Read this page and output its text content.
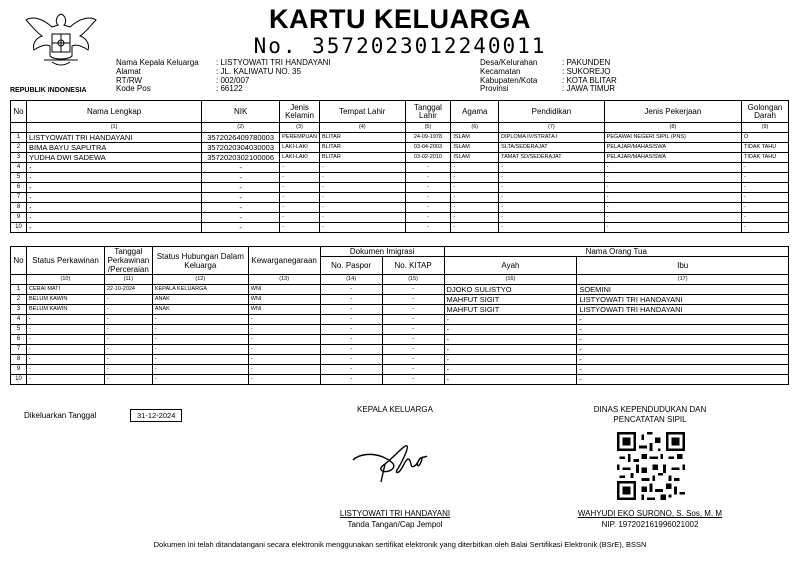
REPUBLIK INDONESIA
KARTU KELUARGA
No. 3572023012240011
Nama Kepala Keluarga : LISTYOWATI TRI HANDAYANI
Alamat	: JL. KALIWATU NO. 35
RT/RW	: 002/007
Kode Pos	: 66122
Desa/Kelurahan	: PAKUNDEN
Kecamatan	: SUKOREJO
Kabupaten/Kota	: KOTA BLITAR
Provinsi	: JAWA TIMUR
No	Nama Lengkap	NIK	Jenis Kelamin	Tempat Lahir	Tanggal Lahir	Agama	Pendidikan	Jenis Pekerjaan	Golongan Darah
	(1)	(2)	(3)	(4)	(5)	(6)	(7)	(8)	(9)
1	LISTYOWATI TRI HANDAYANI	3572026409780003	PEREMPUAN	BLITAR	24-09-1978	ISLAM	DIPLOMA IV/STRATA I	PEGAWAI NEGERI SIPIL (PNS)	O
2	BIMA BAYU SAPUTRA	3572020304030003	LAKI-LAKI	BLITAR	03-04-2003	ISLAM	SLTA/SEDERAJAT	PELAJAR/MAHASISWA	TIDAK TAHU
3	YUDHA DWI SADEWA	3572020302100006	LAKI-LAKI	BLITAR	03-02-2010	ISLAM	TAMAT SD/SEDERAJAT	PELAJAR/MAHASISWA	TIDAK TAHU
4	-	-	-	-	-	-	-	-	-
5	-	-	-	-	-	-	-	-	-
6	-	-	-	-	-	-	-	-	-
7	-	-	-	-	-	-	-	-	-
8	-	-	-	-	-	-	-	-	-
9	-	-	-	-	-	-	-	-	-
10	-	-	-	-	-	-	-	-	-
No	Status Perkawinan	Tanggal Perkawinan /Perceraian	Status Hubungan Dalam Keluarga	Kewarganegaraan	Dokumen Imigrasi		Nama Orang Tua	
					No. Paspor	No. KITAP	Ayah	Ibu
	(10)	(11)	(12)	(13)	(14)	(15)	(16)	(17)
1	CERAI MATI	22-10-2024	KEPALA KELUARGA	WNI	-	-	DJOKO SULISTYO	SOEMINI
2	BELUM KAWIN	-	ANAK	WNI	-	-	MAHFUT SIGIT	LISTYOWATI TRI HANDAYANI
3	BELUM KAWIN	-	ANAK	WNI	-	-	MAHFUT SIGIT	LISTYOWATI TRI HANDAYANI
4	-	-	-	-	-	-	-	-
5	-	-	-	-	-	-	-	-
6	-	-	-	-	-	-	-	-
7	-	-	-	-	-	-	-	-
8	-	-	-	-	-	-	-	-
9	-	-	-	-	-	-	-	-
10	-	-	-	-	-	-	-	-
Dikeluarkan Tanggal	31-12-2024
KEPALA KELUARGA
LISTYOWATI TRI HANDAYANI
Tanda Tangan/Cap Jempol
DINAS KEPENDUDUKAN DAN
PENCATATAN SIPIL
WAHYUDI EKO SURONO, S. Sos, M. M
NIP. 197202161996021002
Dokumen ini telah ditandatangani secara elektronik menggunakan sertifikat elektronik yang diterbitkan oleh Balai Sertifikasi Elektronik (BSrE), BSSN
